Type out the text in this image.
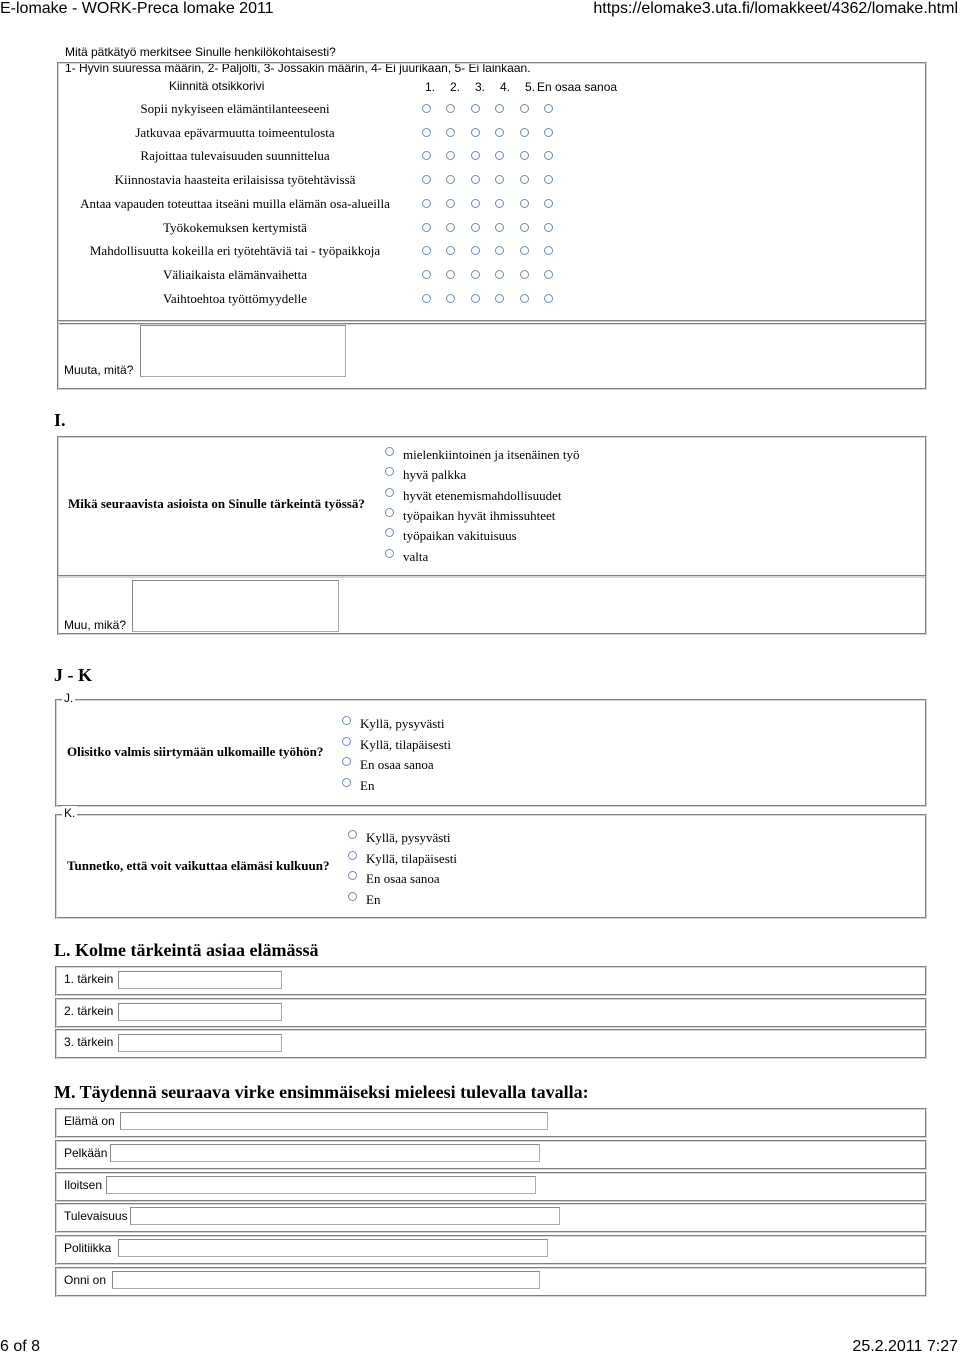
E-lomake - WORK-Preca lomake 2011	https://elomake3.uta.fi/lomakkeet/4362/lomake.html
Mitä pätkätyö merkitsee Sinulle henkilökohtaisesti?
1- Hyvin suuressa määrin, 2- Paljolti, 3- Jossakin määrin, 4- Ei juurikaan, 5- Ei lainkaan.
Kiinnitä otsikkorivi	1. 2. 3. 4. 5. En osaa sanoa
Sopii nykyiseen elämäntilanteeseeni
Jatkuvaa epävarmuutta toimeentulosta
Rajoittaa tulevaisuuden suunnittelua
Kiinnostavia haasteita erilaisissa työtehtävissä
Antaa vapauden toteuttaa itseäni muilla elämän osa-alueilla
Työkokemuksen kertymistä
Mahdollisuutta kokeilla eri työtehtäviä tai - työpaikkoja
Väliaikaista elämänvaihetta
Vaihtoehtoa työttömyydelle
Muuta, mitä?
I.
Mikä seuraavista asioista on Sinulle tärkeintä työssä?
mielenkiintoinen ja itsenäinen työ
hyvä palkka
hyvät etenemismahdollisuudet
työpaikan hyvät ihmissuhteet
työpaikan vakituisuus
valta
Muu, mikä?
J - K
J.
Olisitko valmis siirtymään ulkomaille työhön?
Kyllä, pysyvästi
Kyllä, tilapäisesti
En osaa sanoa
En
K.
Tunnetko, että voit vaikuttaa elämäsi kulkuun?
Kyllä, pysyvästi
Kyllä, tilapäisesti
En osaa sanoa
En
L. Kolme tärkeintä asiaa elämässä
1. tärkein
2. tärkein
3. tärkein
M. Täydennä seuraava virke ensimmäiseksi mieleesi tulevalla tavalla:
Elämä on
Pelkään
Iloitsen
Tulevaisuus
Politiikka
Onni on
6 of 8	25.2.2011 7:27
